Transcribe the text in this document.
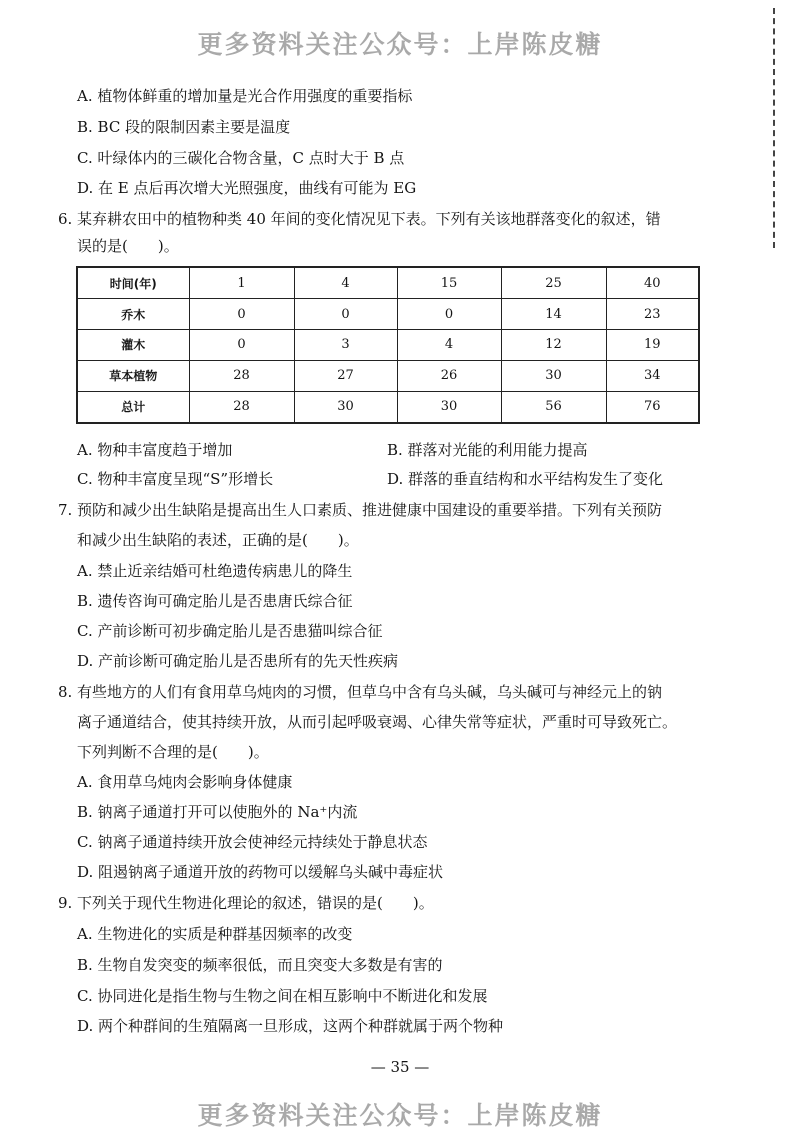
更多资料关注公众号：上岸陈皮糖
A. 植物体鲜重的增加量是光合作用强度的重要指标
B. BC 段的限制因素主要是温度
C. 叶绿体内的三碳化合物含量，C 点时大于 B 点
D. 在 E 点后再次增大光照强度，曲线有可能为 EG
6. 某弃耕农田中的植物种类 40 年间的变化情况见下表。下列有关该地群落变化的叙述，错
误的是(　　)。
时间(年)	1	4	15	25	40
乔木	0	0	0	14	23
灌木	0	3	4	12	19
草本植物	28	27	26	30	34
总计	28	30	30	56	76
A. 物种丰富度趋于增加	B. 群落对光能的利用能力提高
C. 物种丰富度呈现“S”形增长	D. 群落的垂直结构和水平结构发生了变化
7. 预防和减少出生缺陷是提高出生人口素质、推进健康中国建设的重要举措。下列有关预防
和减少出生缺陷的表述，正确的是(　　)。
A. 禁止近亲结婚可杜绝遗传病患儿的降生
B. 遗传咨询可确定胎儿是否患唐氏综合征
C. 产前诊断可初步确定胎儿是否患猫叫综合征
D. 产前诊断可确定胎儿是否患所有的先天性疾病
8. 有些地方的人们有食用草乌炖肉的习惯，但草乌中含有乌头碱，乌头碱可与神经元上的钠
离子通道结合，使其持续开放，从而引起呼吸衰竭、心律失常等症状，严重时可导致死亡。
下列判断不合理的是(　　)。
A. 食用草乌炖肉会影响身体健康
B. 钠离子通道打开可以使胞外的 Na⁺内流
C. 钠离子通道持续开放会使神经元持续处于静息状态
D. 阻遏钠离子通道开放的药物可以缓解乌头碱中毒症状
9. 下列关于现代生物进化理论的叙述，错误的是(　　)。
A. 生物进化的实质是种群基因频率的改变
B. 生物自发突变的频率很低，而且突变大多数是有害的
C. 协同进化是指生物与生物之间在相互影响中不断进化和发展
D. 两个种群间的生殖隔离一旦形成，这两个种群就属于两个物种
— 35 —
更多资料关注公众号：上岸陈皮糖
